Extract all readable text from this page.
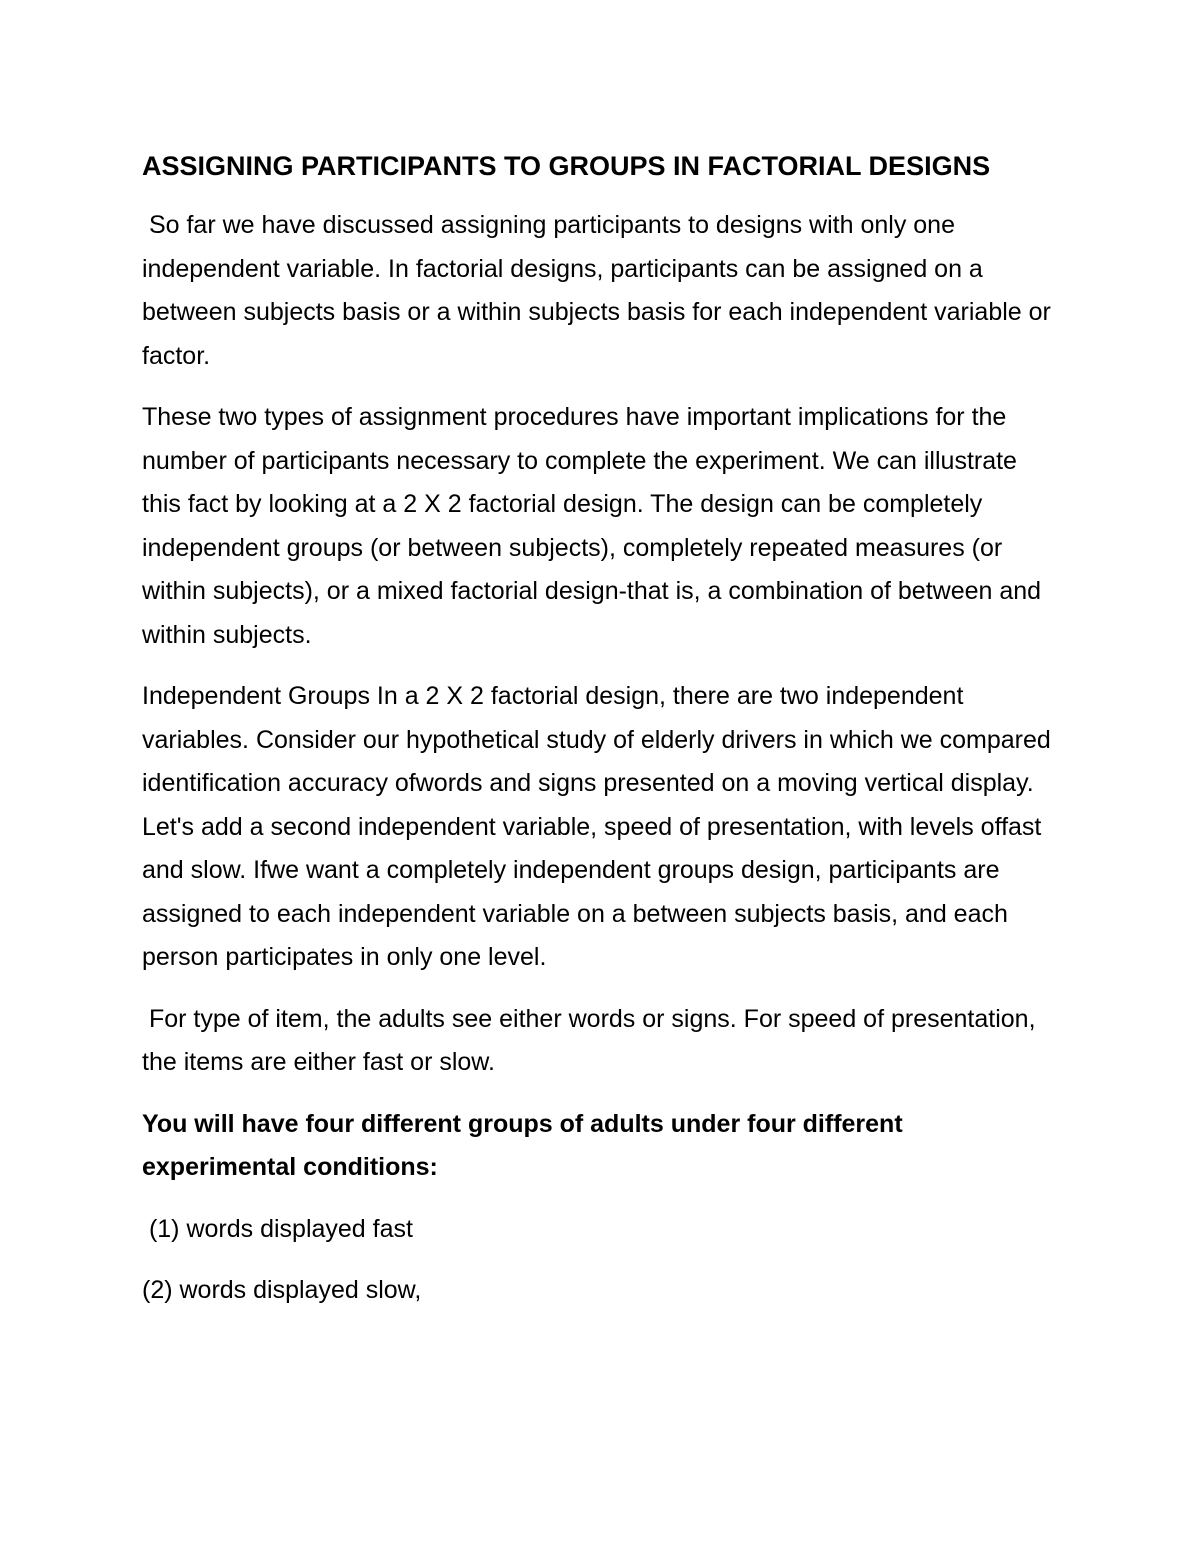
ASSIGNING PARTICIPANTS TO GROUPS IN FACTORIAL DESIGNS

So far we have discussed assigning participants to designs with only one independent variable. In factorial designs, participants can be assigned on a between subjects basis or a within subjects basis for each independent variable or factor.

These two types of assignment procedures have important implications for the number of participants necessary to complete the experiment. We can illustrate this fact by looking at a 2 X 2 factorial design. The design can be completely independent groups (or between subjects), completely repeated measures (or within subjects), or a mixed factorial design-that is, a combination of between and within subjects.

Independent Groups In a 2 X 2 factorial design, there are two independent variables. Consider our hypothetical study of elderly drivers in which we compared identification accuracy ofwords and signs presented on a moving vertical display. Let's add a second independent variable, speed of presentation, with levels offast and slow. Ifwe want a completely independent groups design, participants are assigned to each independent variable on a between subjects basis, and each person participates in only one level.

For type of item, the adults see either words or signs. For speed of presentation, the items are either fast or slow.

You will have four different groups of adults under four different experimental conditions:

(1) words displayed fast

(2) words displayed slow,
